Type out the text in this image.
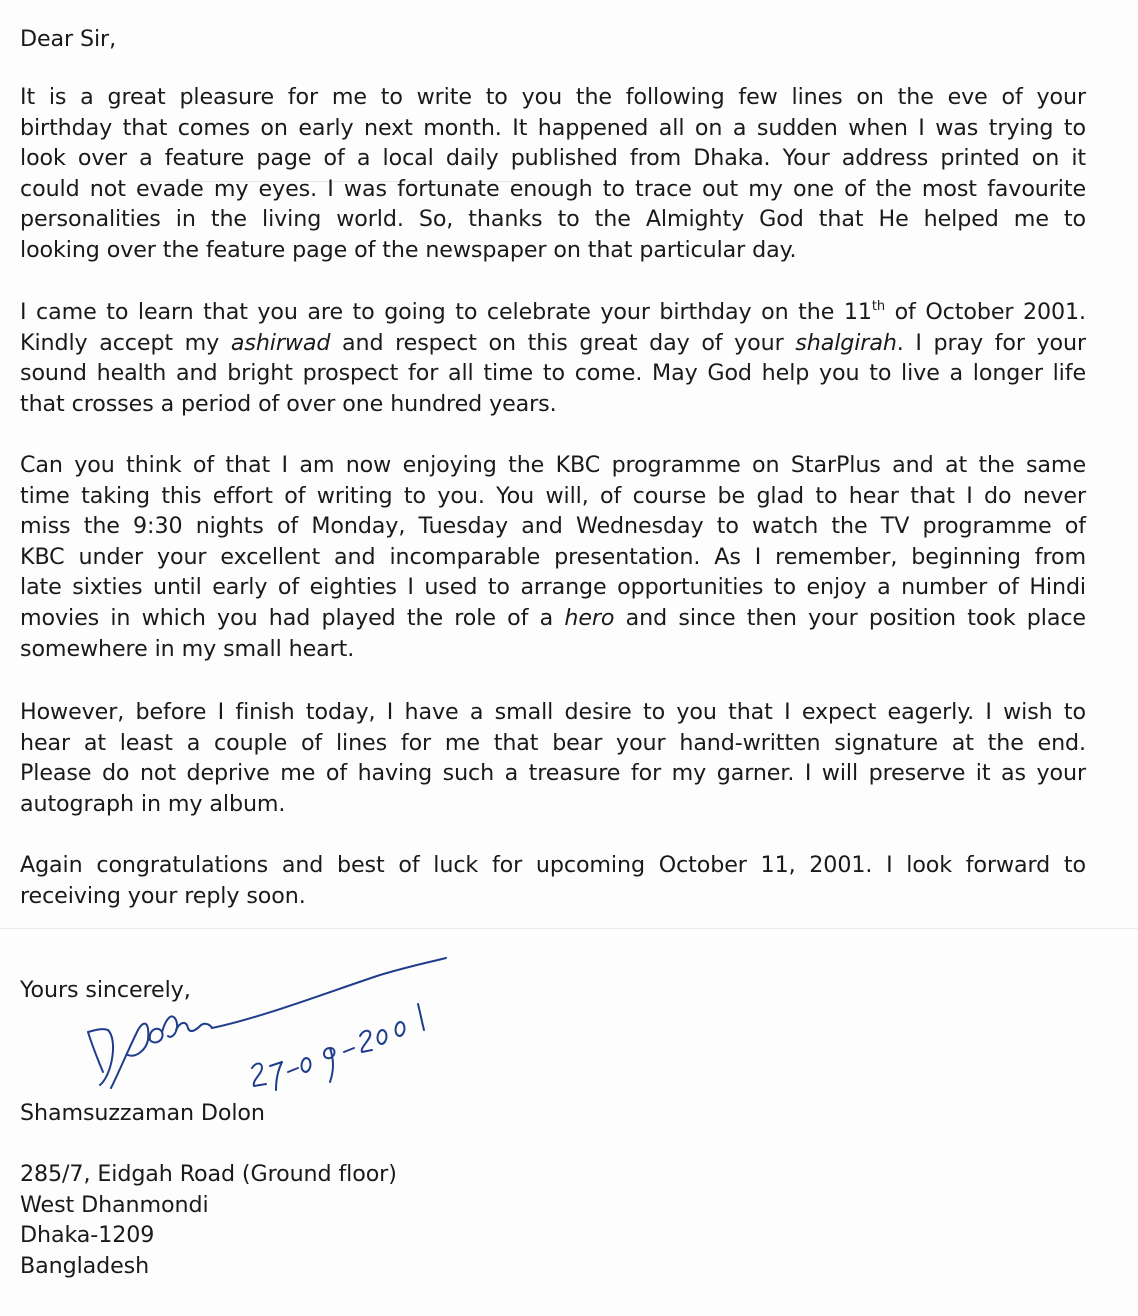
Dear Sir,
It is a great pleasure for me to write to you the following few lines on the eve of your
birthday that comes on early next month. It happened all on a sudden when I was trying to
look over a feature page of a local daily published from Dhaka. Your address printed on it
could not evade my eyes. I was fortunate enough to trace out my one of the most favourite
personalities in the living world. So, thanks to the Almighty God that He helped me to
looking over the feature page of the newspaper on that particular day.
I came to learn that you are to going to celebrate your birthday on the 11th of October 2001.
Kindly accept my ashirwad and respect on this great day of your shalgirah. I pray for your
sound health and bright prospect for all time to come. May God help you to live a longer life
that crosses a period of over one hundred years.
Can you think of that I am now enjoying the KBC programme on StarPlus and at the same
time taking this effort of writing to you. You will, of course be glad to hear that I do never
miss the 9:30 nights of Monday, Tuesday and Wednesday to watch the TV programme of
KBC under your excellent and incomparable presentation. As I remember, beginning from
late sixties until early of eighties I used to arrange opportunities to enjoy a number of Hindi
movies in which you had played the role of a hero and since then your position took place
somewhere in my small heart.
However, before I finish today, I have a small desire to you that I expect eagerly. I wish to
hear at least a couple of lines for me that bear your hand-written signature at the end.
Please do not deprive me of having such a treasure for my garner. I will preserve it as your
autograph in my album.
Again congratulations and best of luck for upcoming October 11, 2001. I look forward to
receiving your reply soon.
Yours sincerely,
Shamsuzzaman Dolon
285/7, Eidgah Road (Ground floor)
West Dhanmondi
Dhaka-1209
Bangladesh
